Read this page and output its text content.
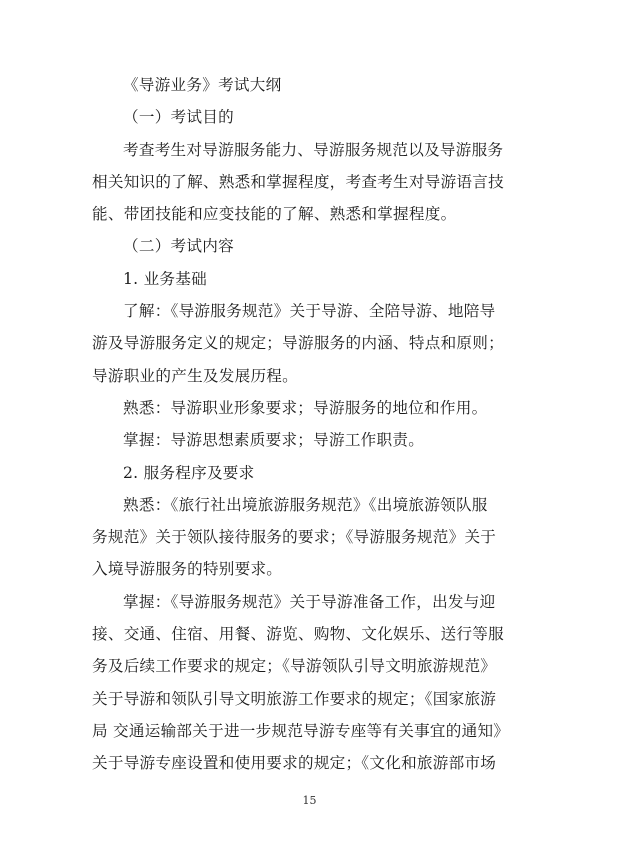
《导游业务》考试大纲
（一）考试目的
考查考生对导游服务能力、导游服务规范以及导游服务
相关知识的了解、熟悉和掌握程度，考查考生对导游语言技
能、带团技能和应变技能的了解、熟悉和掌握程度。
（二）考试内容
1. 业务基础
了解：《导游服务规范》关于导游、全陪导游、地陪导
游及导游服务定义的规定；导游服务的内涵、特点和原则；
导游职业的产生及发展历程。
熟悉：导游职业形象要求；导游服务的地位和作用。
掌握：导游思想素质要求；导游工作职责。
2. 服务程序及要求
熟悉：《旅行社出境旅游服务规范》《出境旅游领队服
务规范》关于领队接待服务的要求；《导游服务规范》关于
入境导游服务的特别要求。
掌握：《导游服务规范》关于导游准备工作，出发与迎
接、交通、住宿、用餐、游览、购物、文化娱乐、送行等服
务及后续工作要求的规定；《导游领队引导文明旅游规范》
关于导游和领队引导文明旅游工作要求的规定；《国家旅游
局 交通运输部关于进一步规范导游专座等有关事宜的通知》
关于导游专座设置和使用要求的规定；《文化和旅游部市场
15
